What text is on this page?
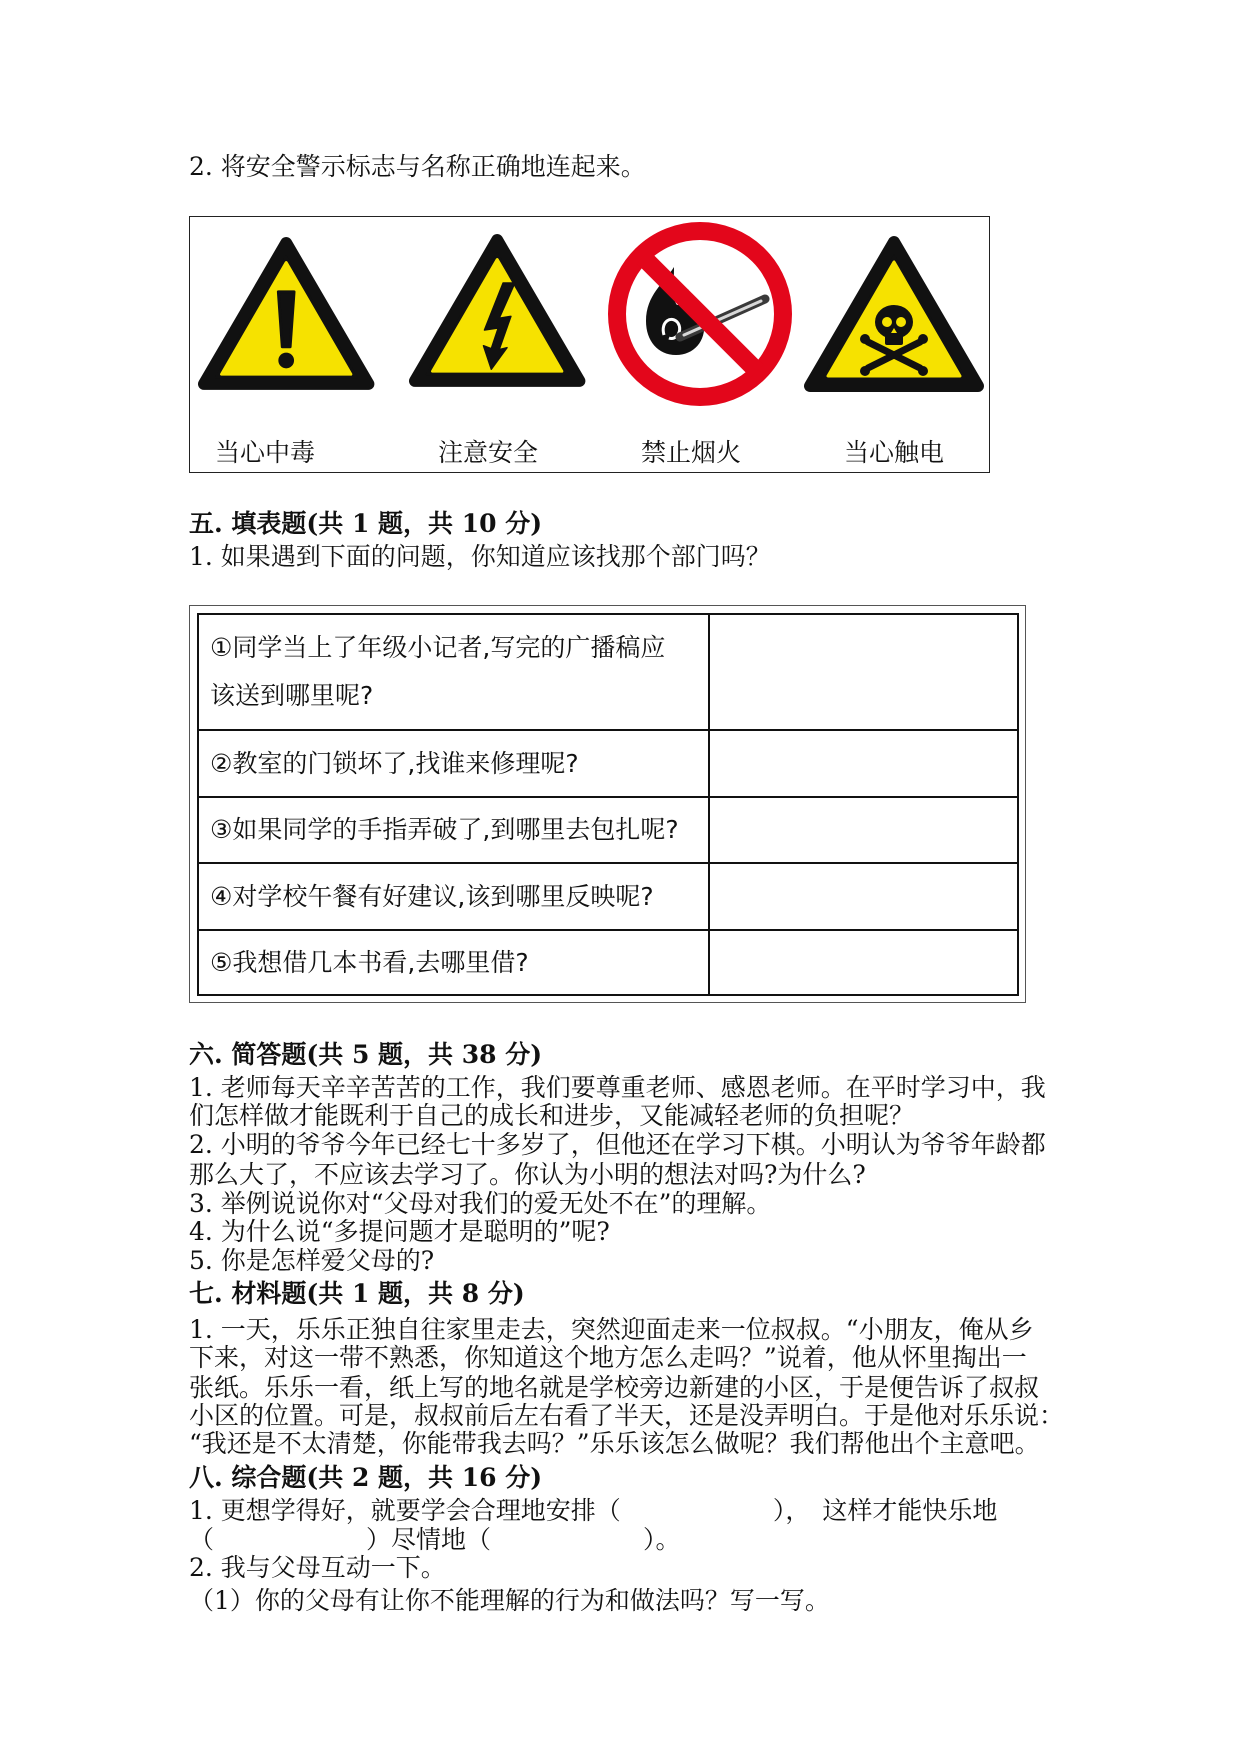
2. 将安全警示标志与名称正确地连起来。
当心中毒	注意安全	禁止烟火	当心触电
五. 填表题(共 1 题，共 10 分)
1. 如果遇到下面的问题，你知道应该找那个部门吗？
①同学当上了年级小记者,写完的广播稿应
该送到哪里呢?	

②教室的门锁坏了,找谁来修理呢?	

③如果同学的手指弄破了,到哪里去包扎呢?	

④对学校午餐有好建议,该到哪里反映呢?	

⑤我想借几本书看,去哪里借?	

六. 简答题(共 5 题，共 38 分)
1. 老师每天辛辛苦苦的工作，我们要尊重老师、感恩老师。在平时学习中，我
们怎样做才能既利于自己的成长和进步，又能减轻老师的负担呢？
2. 小明的爷爷今年已经七十多岁了，但他还在学习下棋。小明认为爷爷年龄都
那么大了，不应该去学习了。你认为小明的想法对吗?为什么?
3. 举例说说你对“父母对我们的爱无处不在”的理解。
4. 为什么说“多提问题才是聪明的”呢?
5. 你是怎样爱父母的?
七. 材料题(共 1 题，共 8 分)
1. 一天，乐乐正独自往家里走去，突然迎面走来一位叔叔。“小朋友，俺从乡
下来，对这一带不熟悉，你知道这个地方怎么走吗？”说着，他从怀里掏出一
张纸。乐乐一看，纸上写的地名就是学校旁边新建的小区，于是便告诉了叔叔
小区的位置。可是，叔叔前后左右看了半天，还是没弄明白。于是他对乐乐说：
“我还是不太清楚，你能带我去吗？”乐乐该怎么做呢？我们帮他出个主意吧。
八. 综合题(共 2 题，共 16 分)
1. 更想学得好，就要学会合理地安排（	）， 这样才能快乐地
（	）尽情地（	）。
2. 我与父母互动一下。
（1）你的父母有让你不能理解的行为和做法吗？写一写。
